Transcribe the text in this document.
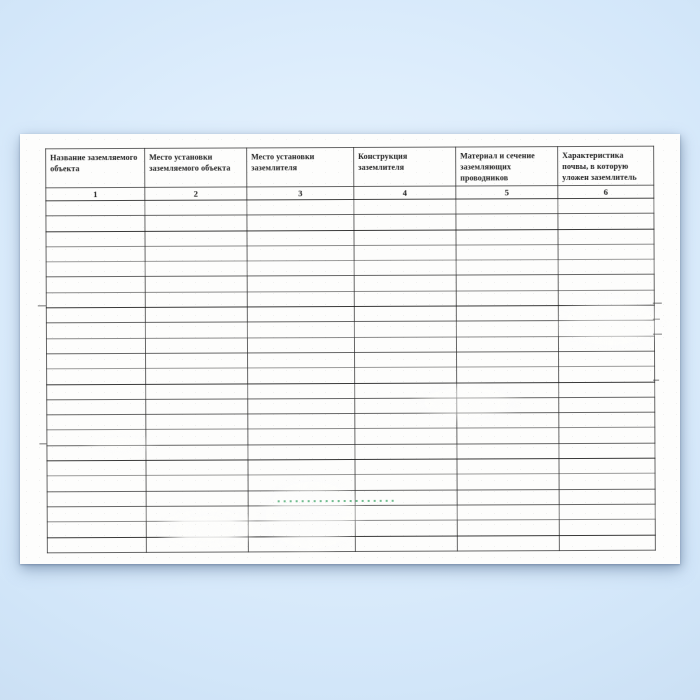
Название заземляемого объекта	Место установки заземляемого объекта	Место установки заземлителя	Конструкция заземлителя	Материал и сечение заземляющих проводников	Характеристика почвы, в которую уложен заземлитель
1	2	3	4	5	6
